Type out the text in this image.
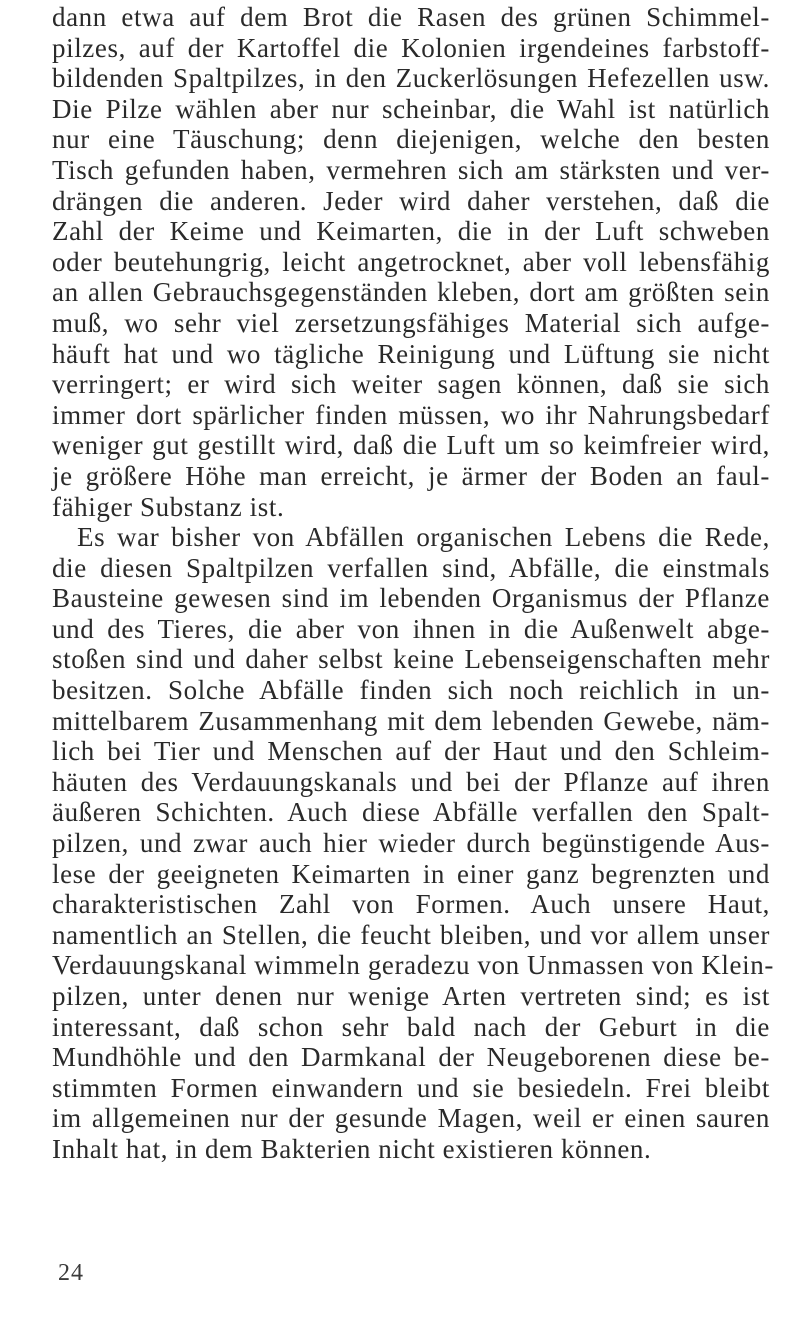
dann etwa auf dem Brot die Rasen des grünen Schimmel-
pilzes, auf der Kartoffel die Kolonien irgendeines farbstoff-
bildenden Spaltpilzes, in den Zuckerlösungen Hefezellen usw.
Die Pilze wählen aber nur scheinbar, die Wahl ist natürlich
nur eine Täuschung; denn diejenigen, welche den besten
Tisch gefunden haben, vermehren sich am stärksten und ver-
drängen die anderen. Jeder wird daher verstehen, daß die
Zahl der Keime und Keimarten, die in der Luft schweben
oder beutehungrig, leicht angetrocknet, aber voll lebensfähig
an allen Gebrauchsgegenständen kleben, dort am größten sein
muß, wo sehr viel zersetzungsfähiges Material sich aufge-
häuft hat und wo tägliche Reinigung und Lüftung sie nicht
verringert; er wird sich weiter sagen können, daß sie sich
immer dort spärlicher finden müssen, wo ihr Nahrungsbedarf
weniger gut gestillt wird, daß die Luft um so keimfreier wird,
je größere Höhe man erreicht, je ärmer der Boden an faul-
fähiger Substanz ist.

Es war bisher von Abfällen organischen Lebens die Rede,
die diesen Spaltpilzen verfallen sind, Abfälle, die einstmals
Bausteine gewesen sind im lebenden Organismus der Pflanze
und des Tieres, die aber von ihnen in die Außenwelt abge-
stoßen sind und daher selbst keine Lebenseigenschaften mehr
besitzen. Solche Abfälle finden sich noch reichlich in un-
mittelbarem Zusammenhang mit dem lebenden Gewebe, näm-
lich bei Tier und Menschen auf der Haut und den Schleim-
häuten des Verdauungskanals und bei der Pflanze auf ihren
äußeren Schichten. Auch diese Abfälle verfallen den Spalt-
pilzen, und zwar auch hier wieder durch begünstigende Aus-
lese der geeigneten Keimarten in einer ganz begrenzten und
charakteristischen Zahl von Formen. Auch unsere Haut,
namentlich an Stellen, die feucht bleiben, und vor allem unser
Verdauungskanal wimmeln geradezu von Unmassen von Klein-
pilzen, unter denen nur wenige Arten vertreten sind; es ist
interessant, daß schon sehr bald nach der Geburt in die
Mundhöhle und den Darmkanal der Neugeborenen diese be-
stimmten Formen einwandern und sie besiedeln. Frei bleibt
im allgemeinen nur der gesunde Magen, weil er einen sauren
Inhalt hat, in dem Bakterien nicht existieren können.

24
